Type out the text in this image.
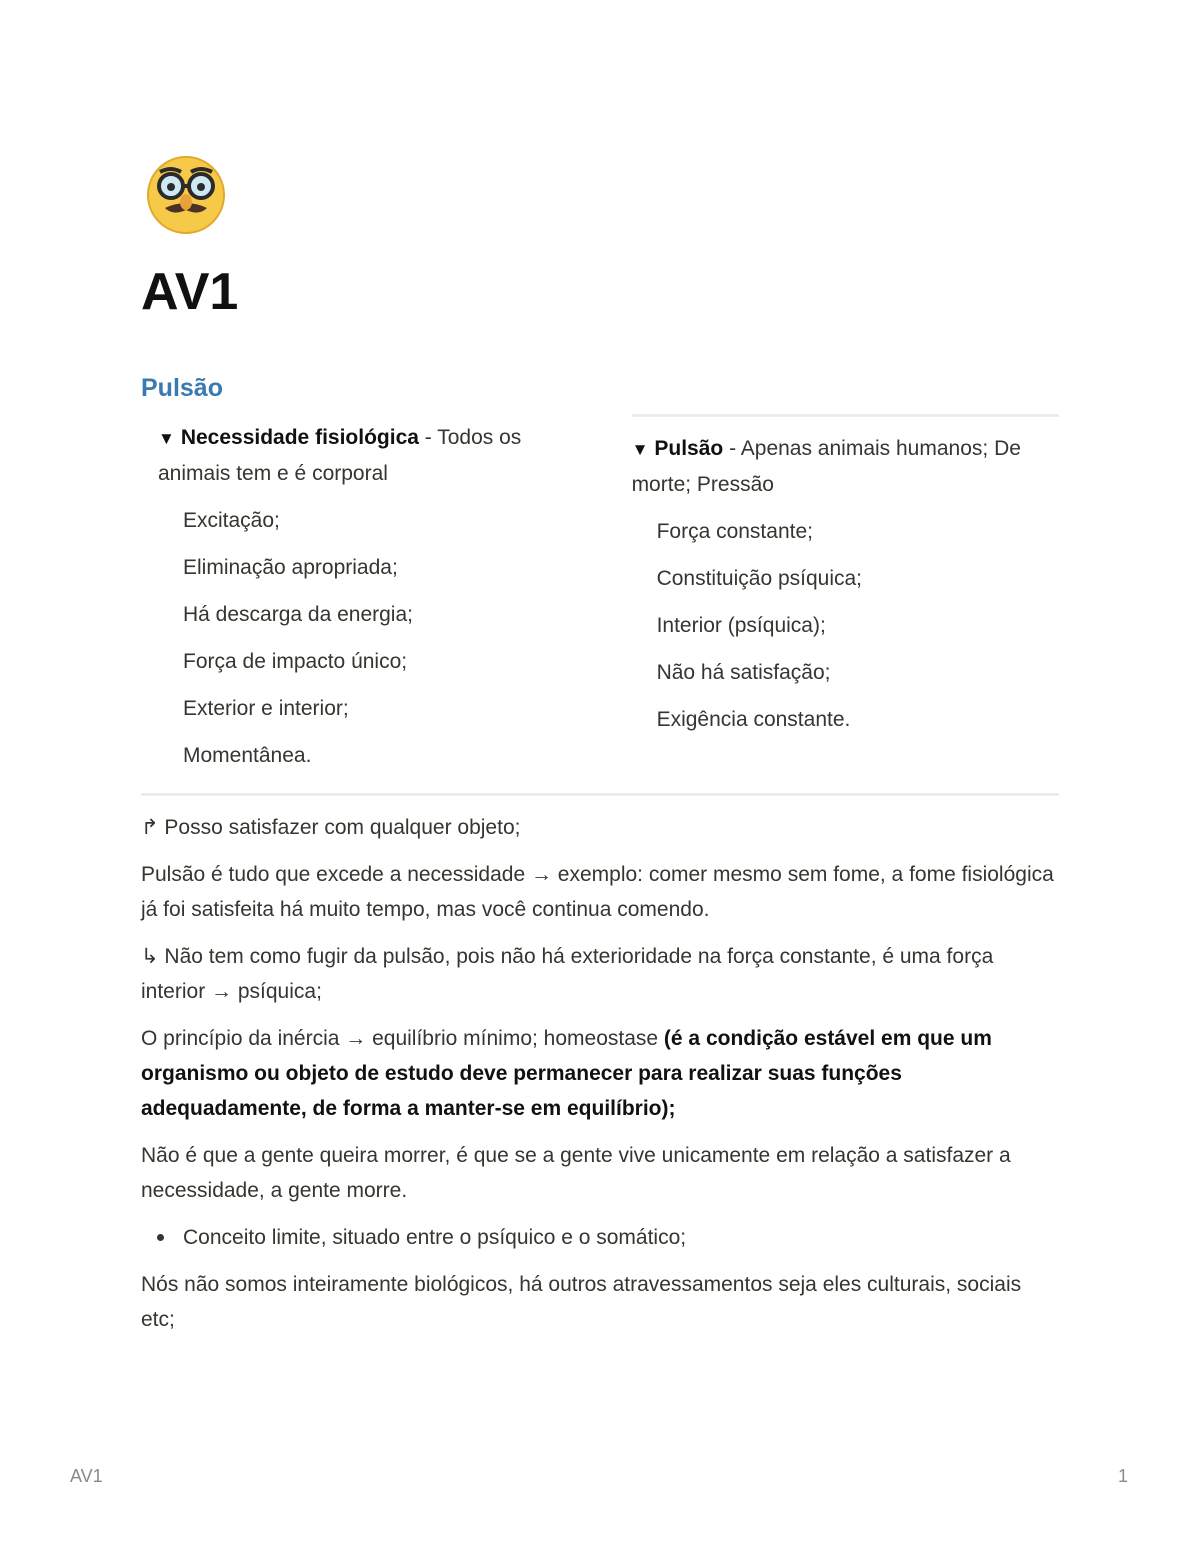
AV1
Pulsão
▼ Necessidade fisiológica - Todos os animais tem e é corporal
Excitação;
Eliminação apropriada;
Há descarga da energia;
Força de impacto único;
Exterior e interior;
Momentânea.
▼ Pulsão - Apenas animais humanos; De morte; Pressão
Força constante;
Constituição psíquica;
Interior (psíquica);
Não há satisfação;
Exigência constante.
↱ Posso satisfazer com qualquer objeto;
Pulsão é tudo que excede a necessidade → exemplo: comer mesmo sem fome, a fome fisiológica já foi satisfeita há muito tempo, mas você continua comendo.
↳ Não tem como fugir da pulsão, pois não há exterioridade na força constante, é uma força interior → psíquica;
O princípio da inércia → equilíbrio mínimo; homeostase (é a condição estável em que um organismo ou objeto de estudo deve permanecer para realizar suas funções adequadamente, de forma a manter-se em equilíbrio);
Não é que a gente queira morrer, é que se a gente vive unicamente em relação a satisfazer a necessidade, a gente morre.
Conceito limite, situado entre o psíquico e o somático;
Nós não somos inteiramente biológicos, há outros atravessamentos seja eles culturais, sociais etc;
AV1	1
